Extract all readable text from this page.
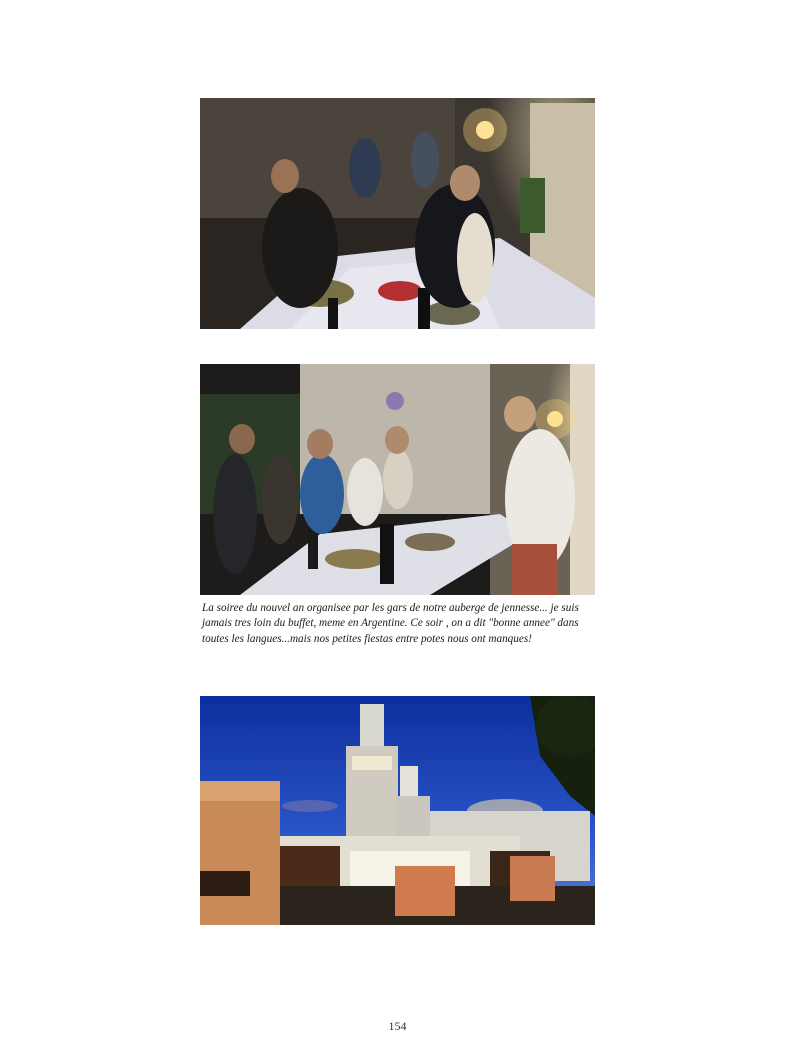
La soiree du nouvel an organisee par les gars de notre auberge de jennesse... je suis jamais tres loin du buffet, meme en Argentine. Ce soir , on a dit "bonne annee" dans toutes les langues...mais nos petites fiestas entre potes nous ont manques!

154
